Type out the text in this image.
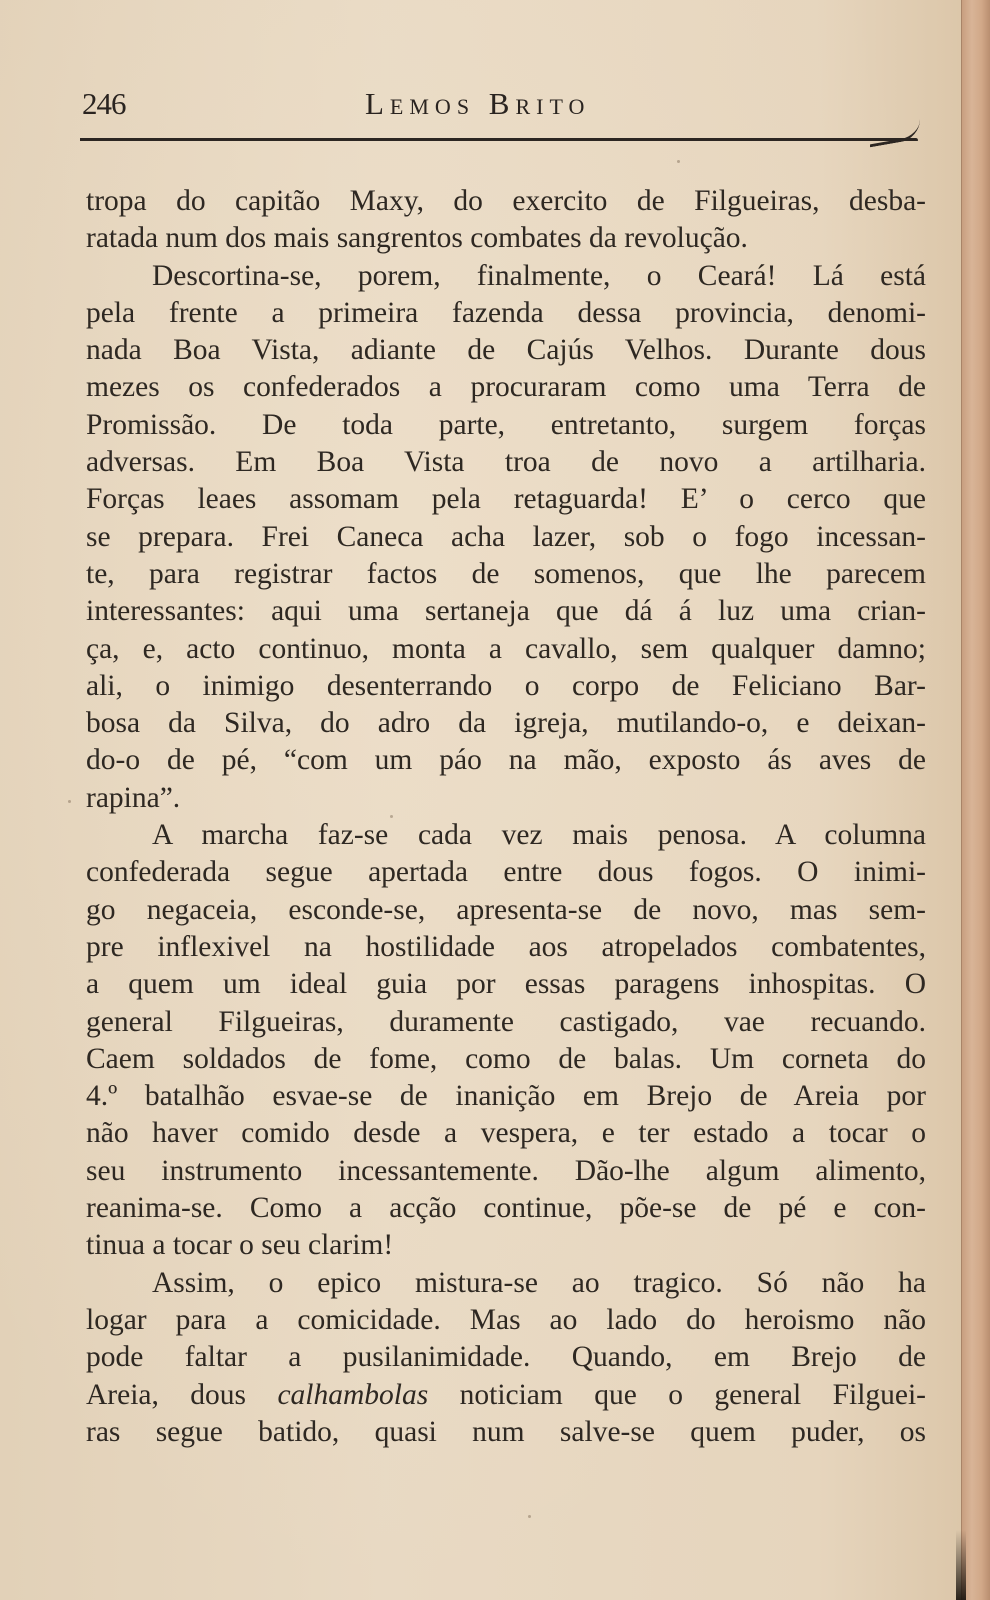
246	Lemos Brito
tropa do capitão Maxy, do exercito de Filgueiras, desba-
ratada num dos mais sangrentos combates da revolução.
Descortina-se, porem, finalmente, o Ceará! Lá está
pela frente a primeira fazenda dessa provincia, denomi-
nada Boa Vista, adiante de Cajús Velhos. Durante dous
mezes os confederados a procuraram como uma Terra de
Promissão. De toda parte, entretanto, surgem forças
adversas. Em Boa Vista troa de novo a artilharia.
Forças leaes assomam pela retaguarda! E’ o cerco que
se prepara. Frei Caneca acha lazer, sob o fogo incessan-
te, para registrar factos de somenos, que lhe parecem
interessantes: aqui uma sertaneja que dá á luz uma crian-
ça, e, acto continuo, monta a cavallo, sem qualquer damno;
ali, o inimigo desenterrando o corpo de Feliciano Bar-
bosa da Silva, do adro da igreja, mutilando-o, e deixan-
do-o de pé, “com um páo na mão, exposto ás aves de
rapina”.
A marcha faz-se cada vez mais penosa. A columna
confederada segue apertada entre dous fogos. O inimi-
go negaceia, esconde-se, apresenta-se de novo, mas sem-
pre inflexivel na hostilidade aos atropelados combatentes,
a quem um ideal guia por essas paragens inhospitas. O
general Filgueiras, duramente castigado, vae recuando.
Caem soldados de fome, como de balas. Um corneta do
4.º batalhão esvae-se de inanição em Brejo de Areia por
não haver comido desde a vespera, e ter estado a tocar o
seu instrumento incessantemente. Dão-lhe algum alimento,
reanima-se. Como a acção continue, põe-se de pé e con-
tinua a tocar o seu clarim!
Assim, o epico mistura-se ao tragico. Só não ha
logar para a comicidade. Mas ao lado do heroismo não
pode faltar a pusilanimidade. Quando, em Brejo de
Areia, dous calhambolas noticiam que o general Filguei-
ras segue batido, quasi num salve-se quem puder, os
